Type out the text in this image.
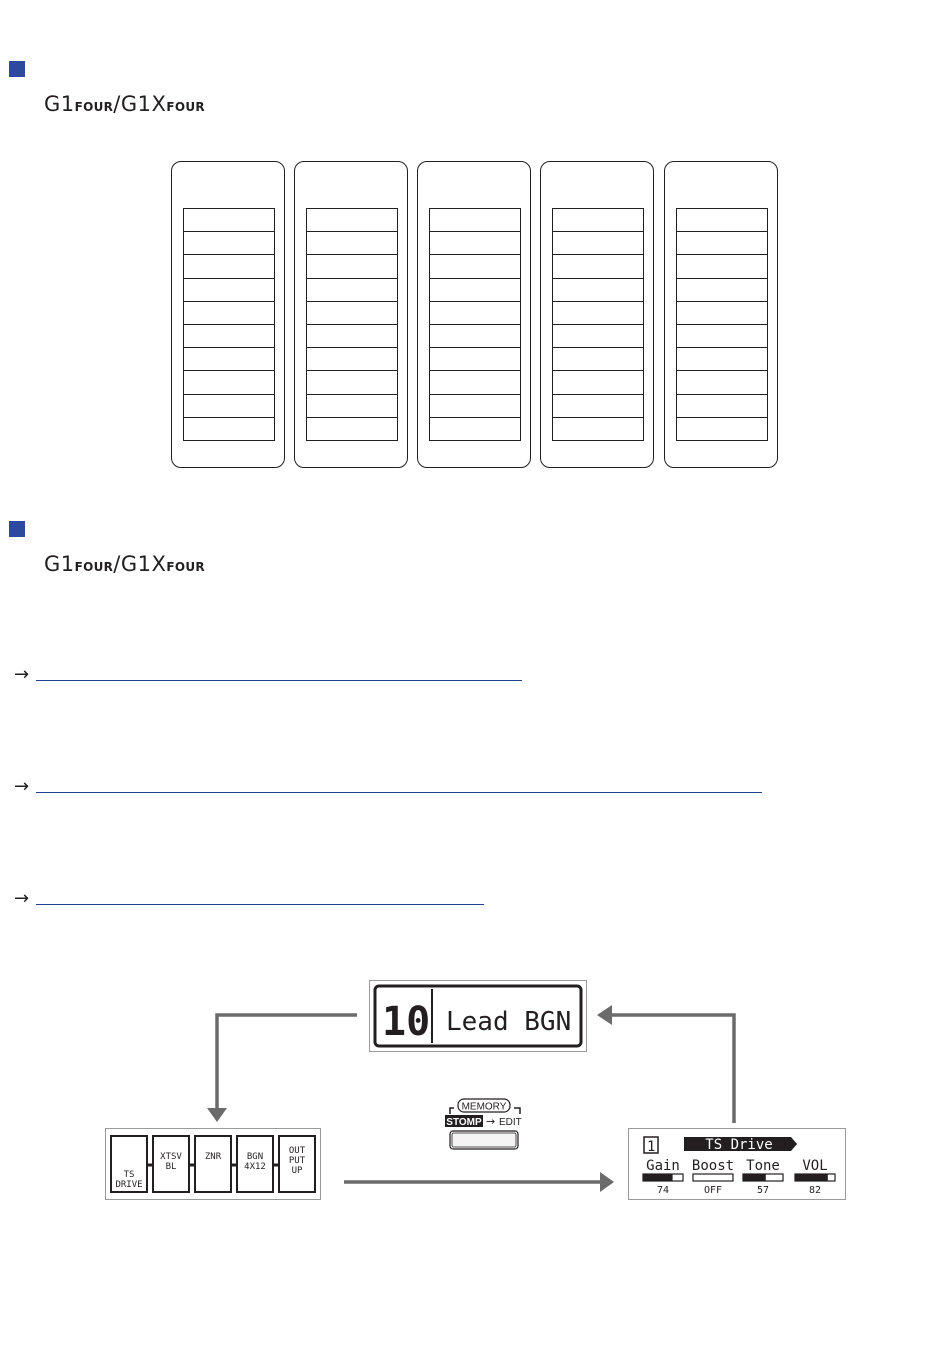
G1FOUR/G1XFOUR
G1FOUR/G1XFOUR
→
→
→
10 Lead BGN
MEMORY
STOMP → EDIT
TS
DRIVE
XTSV
BL
ZNR	BGN
4X12
OUT
PUT
UP
1	TS Drive
Gain
74
Boost
OFF
Tone
57
VOL
82
